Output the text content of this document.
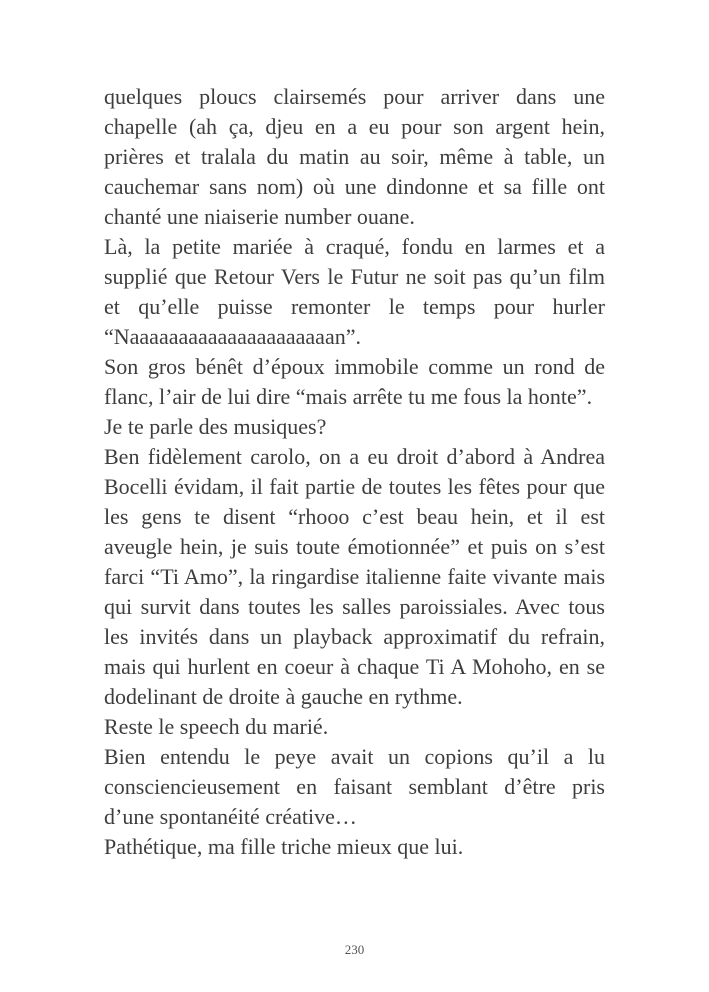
quelques ploucs clairsemés pour arriver dans une chapelle (ah ça, djeu en a eu pour son argent hein, prières et tralala du matin au soir, même à table, un cauchemar sans nom) où une dindonne et sa fille ont chanté une niaiserie number ouane.

Là, la petite mariée à craqué, fondu en larmes et a supplié que Retour Vers le Futur ne soit pas qu’un film et qu’elle puisse remonter le temps pour hurler “Naaaaaaaaaaaaaaaaaaaaan”.

Son gros bénêt d’époux immobile comme un rond de flanc, l’air de lui dire “mais arrête tu me fous la honte”.

Je te parle des musiques?

Ben fidèlement carolo, on a eu droit d’abord à Andrea Bocelli évidam, il fait partie de toutes les fêtes pour que les gens te disent “rhooo c’est beau hein, et il est aveugle hein, je suis toute émotionnée” et puis on s’est farci “Ti Amo”, la ringardise italienne faite vivante mais qui survit dans toutes les salles paroissiales. Avec tous les invités dans un playback approximatif du refrain, mais qui hurlent en coeur à chaque Ti A Mohoho, en se dodelinant de droite à gauche en rythme.

Reste le speech du marié.

Bien entendu le peye avait un copions qu’il a lu consciencieusement en faisant semblant d’être pris d’une spontanéité créative…

Pathétique, ma fille triche mieux que lui.

230
